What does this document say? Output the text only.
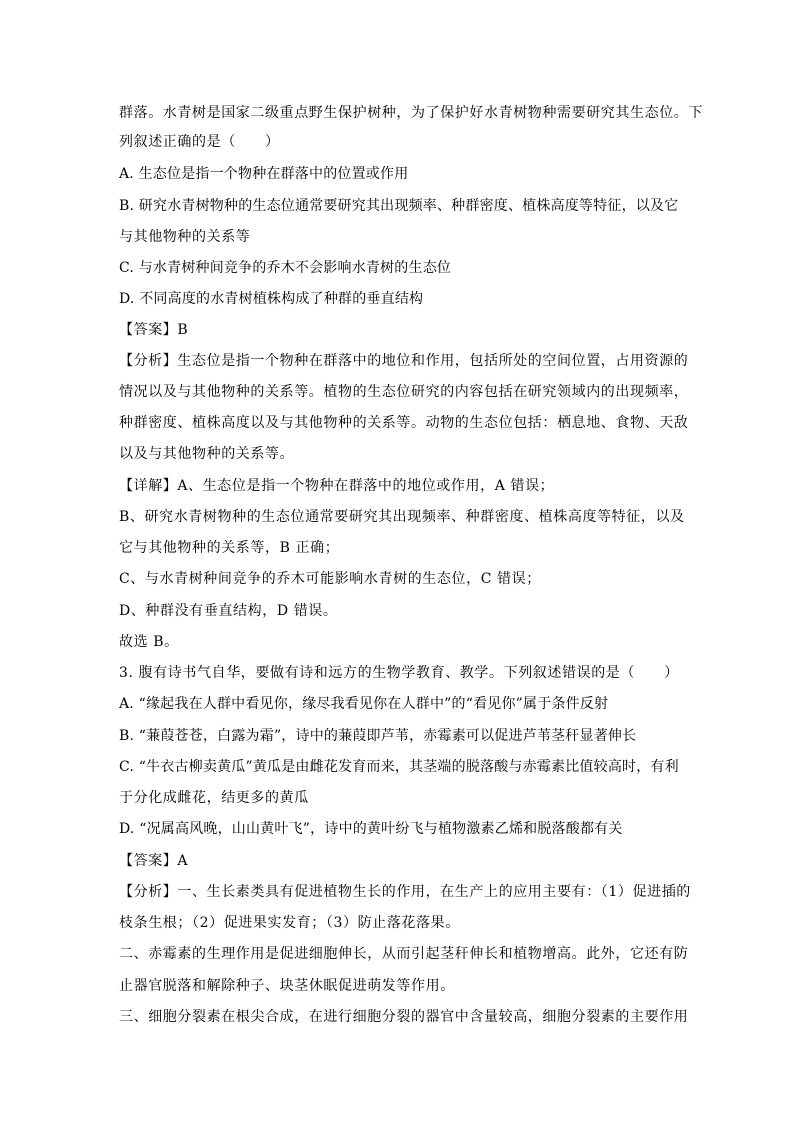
群落。水青树是国家二级重点野生保护树种，为了保护好水青树物种需要研究其生态位。下
列叙述正确的是（　　）
A. 生态位是指一个物种在群落中的位置或作用
B. 研究水青树物种的生态位通常要研究其出现频率、种群密度、植株高度等特征，以及它
与其他物种的关系等
C. 与水青树种间竞争的乔木不会影响水青树的生态位
D. 不同高度的水青树植株构成了种群的垂直结构
【答案】B
【分析】生态位是指一个物种在群落中的地位和作用，包括所处的空间位置，占用资源的
情况以及与其他物种的关系等。植物的生态位研究的内容包括在研究领域内的出现频率，
种群密度、植株高度以及与其他物种的关系等。动物的生态位包括：栖息地、食物、天敌
以及与其他物种的关系等。
【详解】A、生态位是指一个物种在群落中的地位或作用，A 错误；
B、研究水青树物种的生态位通常要研究其出现频率、种群密度、植株高度等特征，以及
它与其他物种的关系等，B 正确；
C、与水青树种间竞争的乔木可能影响水青树的生态位，C 错误；
D、种群没有垂直结构，D 错误。
故选 B。
3. 腹有诗书气自华，要做有诗和远方的生物学教育、教学。下列叙述错误的是（　　）
A. “缘起我在人群中看见你，缘尽我看见你在人群中”的“看见你”属于条件反射
B. “蒹葭苍苍，白露为霜”，诗中的蒹葭即芦苇，赤霉素可以促进芦苇茎秆显著伸长
C. “牛衣古柳卖黄瓜”黄瓜是由雌花发育而来，其茎端的脱落酸与赤霉素比值较高时，有利
于分化成雌花，结更多的黄瓜
D. “况属高风晚，山山黄叶飞”，诗中的黄叶纷飞与植物激素乙烯和脱落酸都有关
【答案】A
【分析】一、生长素类具有促进植物生长的作用，在生产上的应用主要有：（1）促进插的
枝条生根；（2）促进果实发育；（3）防止落花落果。
二、赤霉素的生理作用是促进细胞伸长，从而引起茎秆伸长和植物增高。此外，它还有防
止器官脱落和解除种子、块茎休眠促进萌发等作用。
三、细胞分裂素在根尖合成，在进行细胞分裂的器官中含量较高，细胞分裂素的主要作用
